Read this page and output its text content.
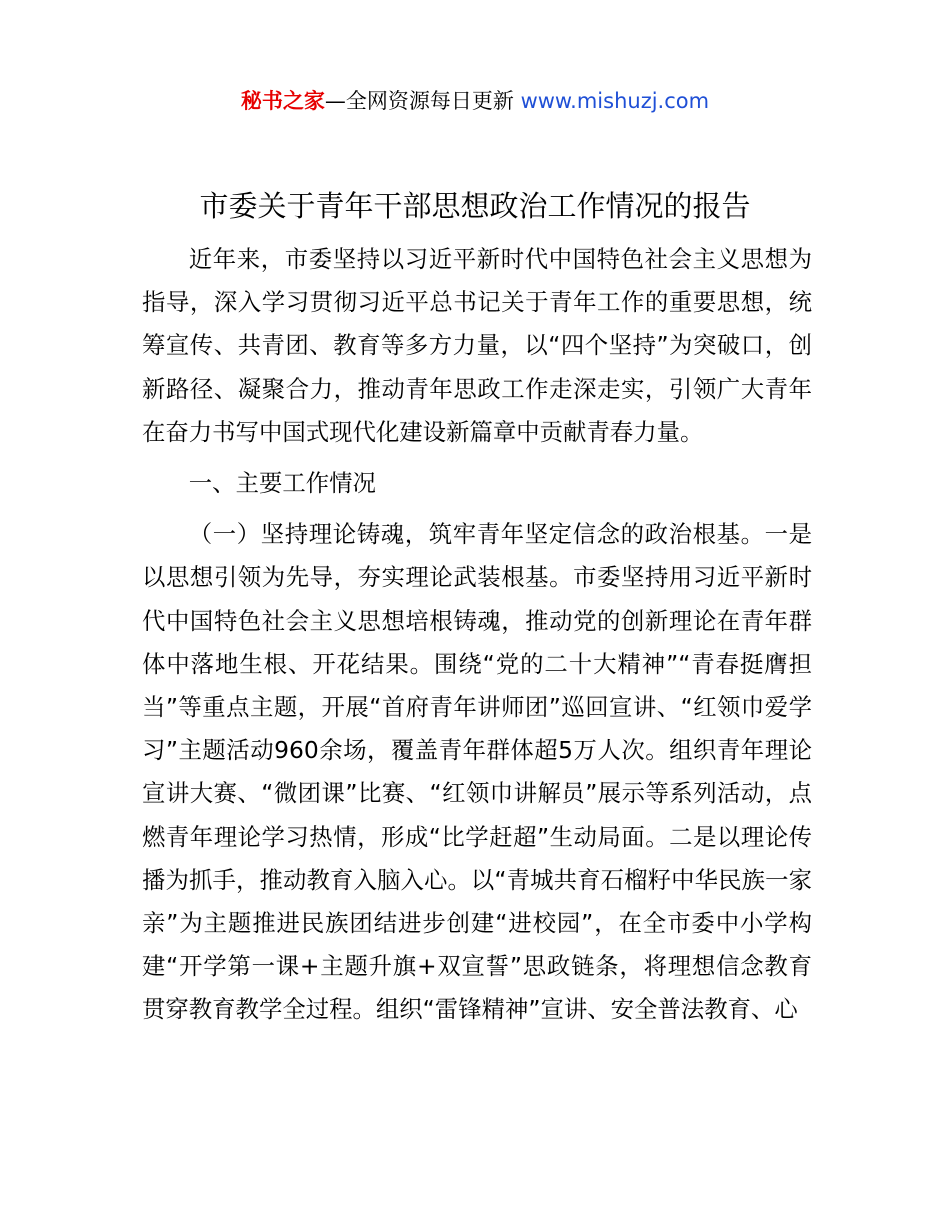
秘书之家—全网资源每日更新 www.mishuzj.com
市委关于青年干部思想政治工作情况的报告

近年来，市委坚持以习近平新时代中国特色社会主义思想为指导，深入学习贯彻习近平总书记关于青年工作的重要思想，统筹宣传、共青团、教育等多方力量，以“四个坚持”为突破口，创新路径、凝聚合力，推动青年思政工作走深走实，引领广大青年在奋力书写中国式现代化建设新篇章中贡献青春力量。

一、主要工作情况

（一）坚持理论铸魂，筑牢青年坚定信念的政治根基。一是以思想引领为先导，夯实理论武装根基。市委坚持用习近平新时代中国特色社会主义思想培根铸魂，推动党的创新理论在青年群体中落地生根、开花结果。围绕“党的二十大精神”“青春挺膺担当”等重点主题，开展“首府青年讲师团”巡回宣讲、“红领巾爱学习”主题活动960余场，覆盖青年群体超5万人次。组织青年理论宣讲大赛、“微团课”比赛、“红领巾讲解员”展示等系列活动，点燃青年理论学习热情，形成“比学赶超”生动局面。二是以理论传播为抓手，推动教育入脑入心。以“青城共育石榴籽中华民族一家亲”为主题推进民族团结进步创建“进校园”，在全市委中小学构建“开学第一课+主题升旗+双宣誓”思政链条，将理想信念教育贯穿教育教学全过程。组织“雷锋精神”宣讲、安全普法教育、心
